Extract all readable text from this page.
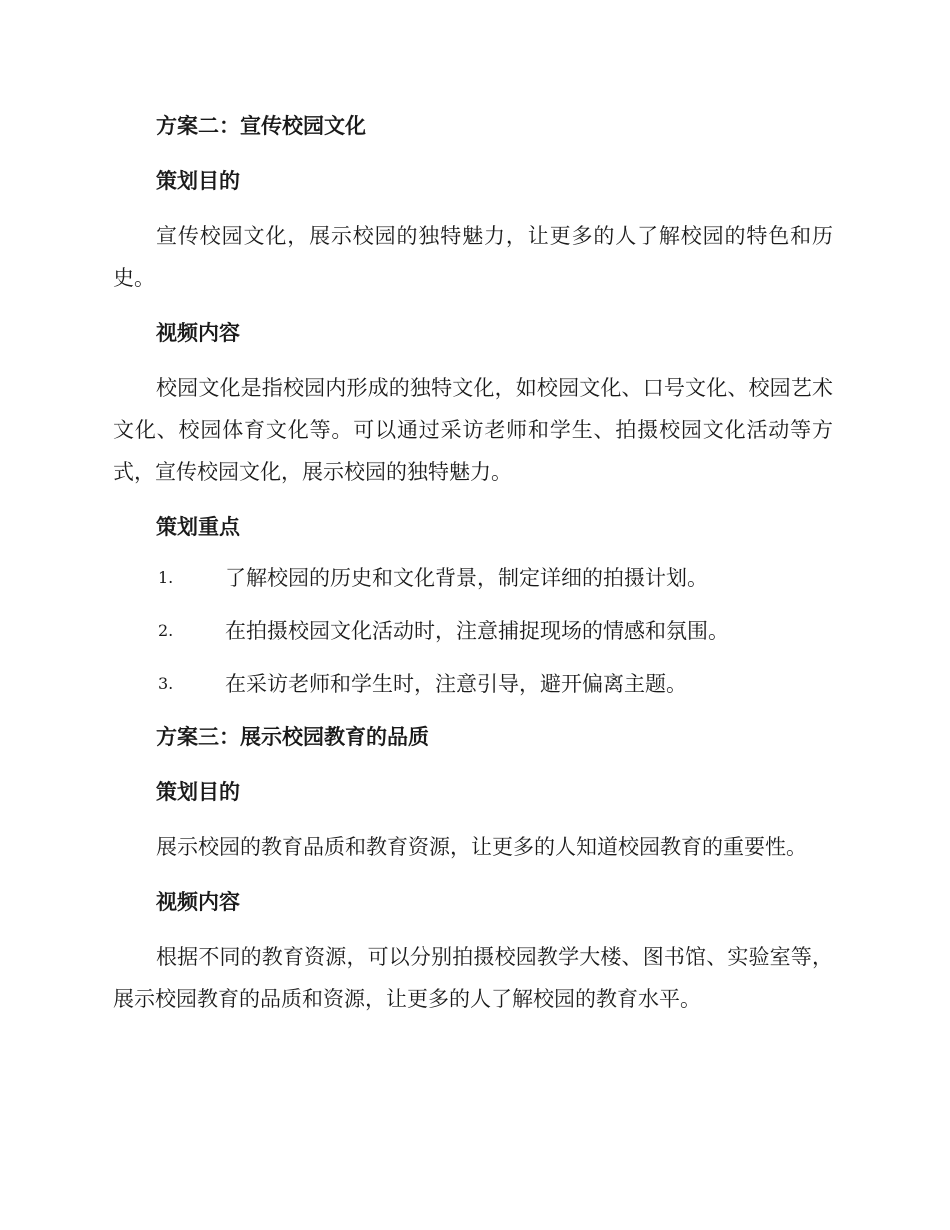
方案二：宣传校园文化
策划目的

宣传校园文化，展示校园的独特魅力，让更多的人了解校园的特色和历史。

视频内容

校园文化是指校园内形成的独特文化，如校园文化、口号文化、校园艺术文化、校园体育文化等。可以通过采访老师和学生、拍摄校园文化活动等方式，宣传校园文化，展示校园的独特魅力。

策划重点
1. 了解校园的历史和文化背景，制定详细的拍摄计划。
2. 在拍摄校园文化活动时，注意捕捉现场的情感和氛围。
3. 在采访老师和学生时，注意引导，避开偏离主题。
方案三：展示校园教育的品质
策划目的

展示校园的教育品质和教育资源，让更多的人知道校园教育的重要性。

视频内容

根据不同的教育资源，可以分别拍摄校园教学大楼、图书馆、实验室等，展示校园教育的品质和资源，让更多的人了解校园的教育水平。
